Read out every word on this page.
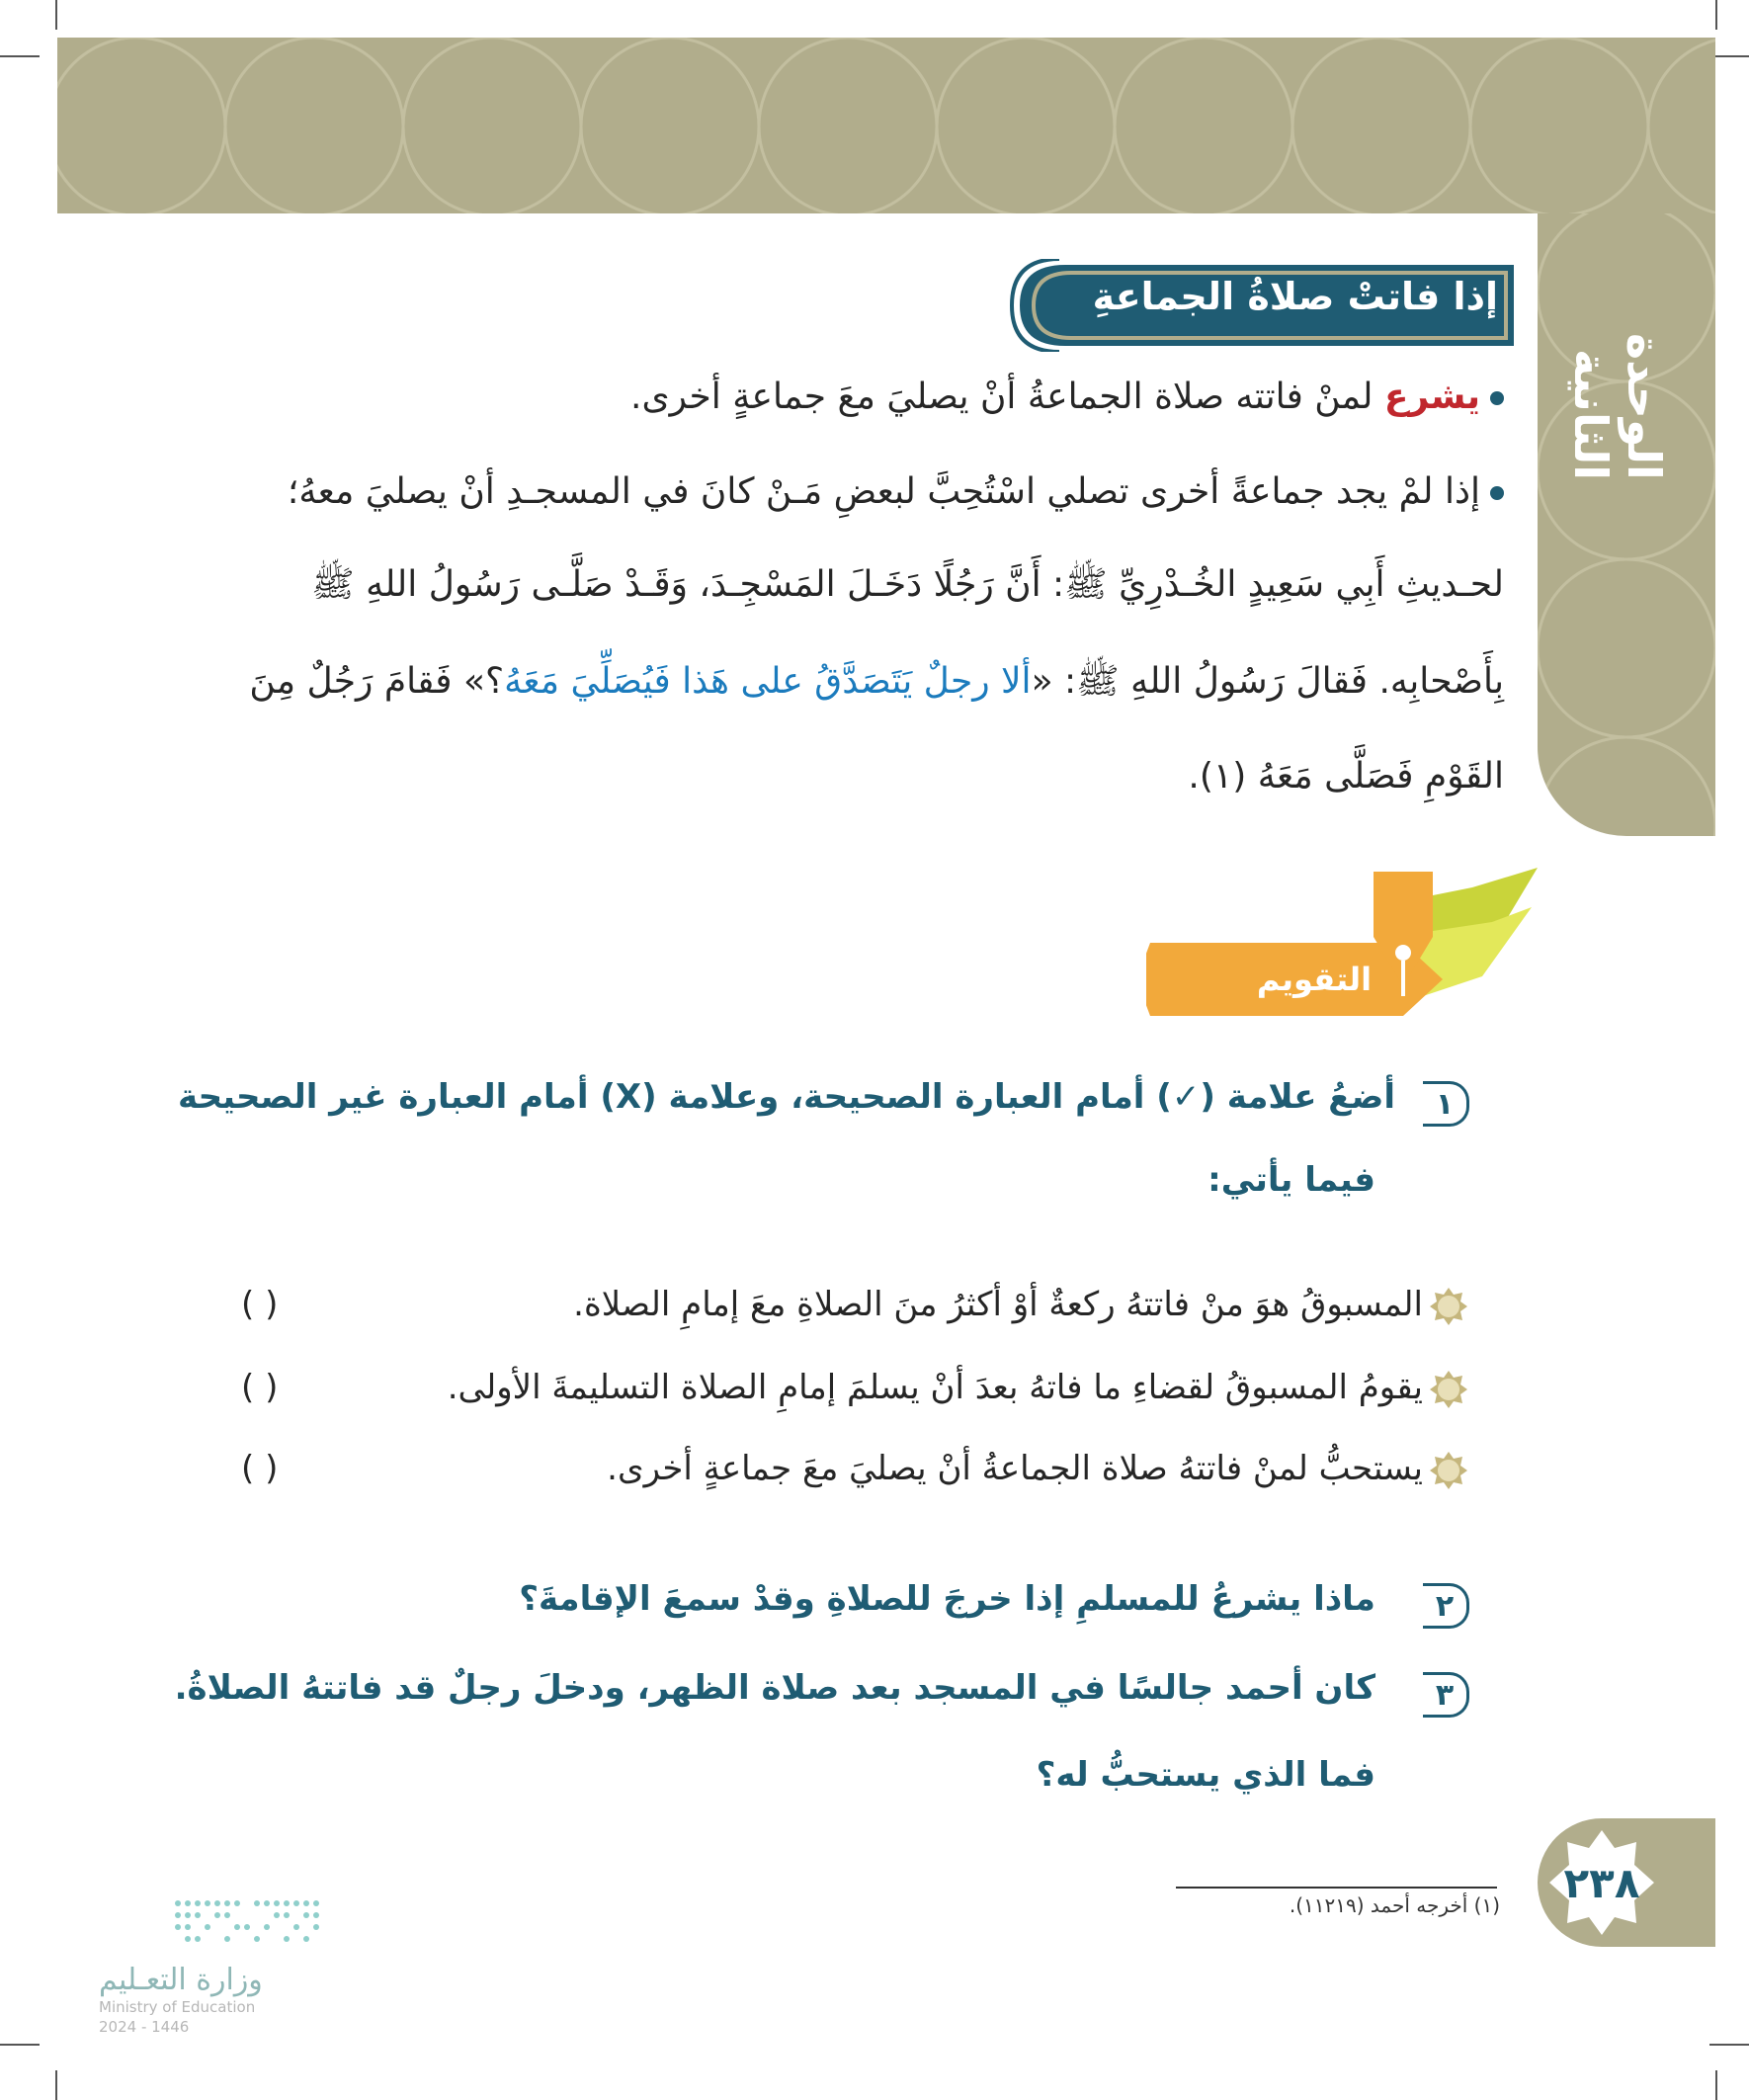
الوحدة الثانية
إذا فاتتْ صلاةُ الجماعةِ
يشرع لمنْ فاتته صلاة الجماعةُ أنْ يصليَ معَ جماعةٍ أخرى.
إذا لمْ يجد جماعةً أخرى تصلي اسْتُحِبَّ لبعضِ مَـنْ كانَ في المسجـدِ أنْ يصليَ معهُ؛
لحـديثِ أَبِي سَعِيدٍ الخُـدْرِيِّ ﷺ: أَنَّ رَجُلًا دَخَـلَ المَسْجِـدَ، وَقَـدْ صَلَّـى رَسُولُ اللهِ ﷺ
بِأَصْحابِه. فَقالَ رَسُولُ اللهِ ﷺ: «ألا رجلٌ يَتَصَدَّقُ على هَذا فَيُصَلِّيَ مَعَهُ؟» فَقامَ رَجُلٌ مِنَ
القَوْمِ فَصَلَّى مَعَهُ (١).
التقويم
١
أضعُ علامة (✓) أمام العبارة الصحيحة، وعلامة (X) أمام العبارة غير الصحيحة
فيما يأتي:
المسبوقُ هوَ منْ فاتتهُ ركعةٌ أوْ أكثرُ منَ الصلاةِ معَ إمامِ الصلاة.
( )
يقومُ المسبوقُ لقضاءِ ما فاتهُ بعدَ أنْ يسلمَ إمامِ الصلاة التسليمةَ الأولى.
( )
يستحبُّ لمنْ فاتتهُ صلاة الجماعةُ أنْ يصليَ معَ جماعةٍ أخرى.
( )
٢
ماذا يشرعُ للمسلمِ إذا خرجَ للصلاةِ وقدْ سمعَ الإقامةَ؟
٣
كان أحمد جالسًا في المسجد بعد صلاة الظهر، ودخلَ رجلٌ قد فاتتهُ الصلاةُ.
فما الذي يستحبُّ له؟
٢٣٨
(١) أخرجه أحمد (١١٢١٩).
وزارة التعـليم
Ministry of Education
2024 - 1446
